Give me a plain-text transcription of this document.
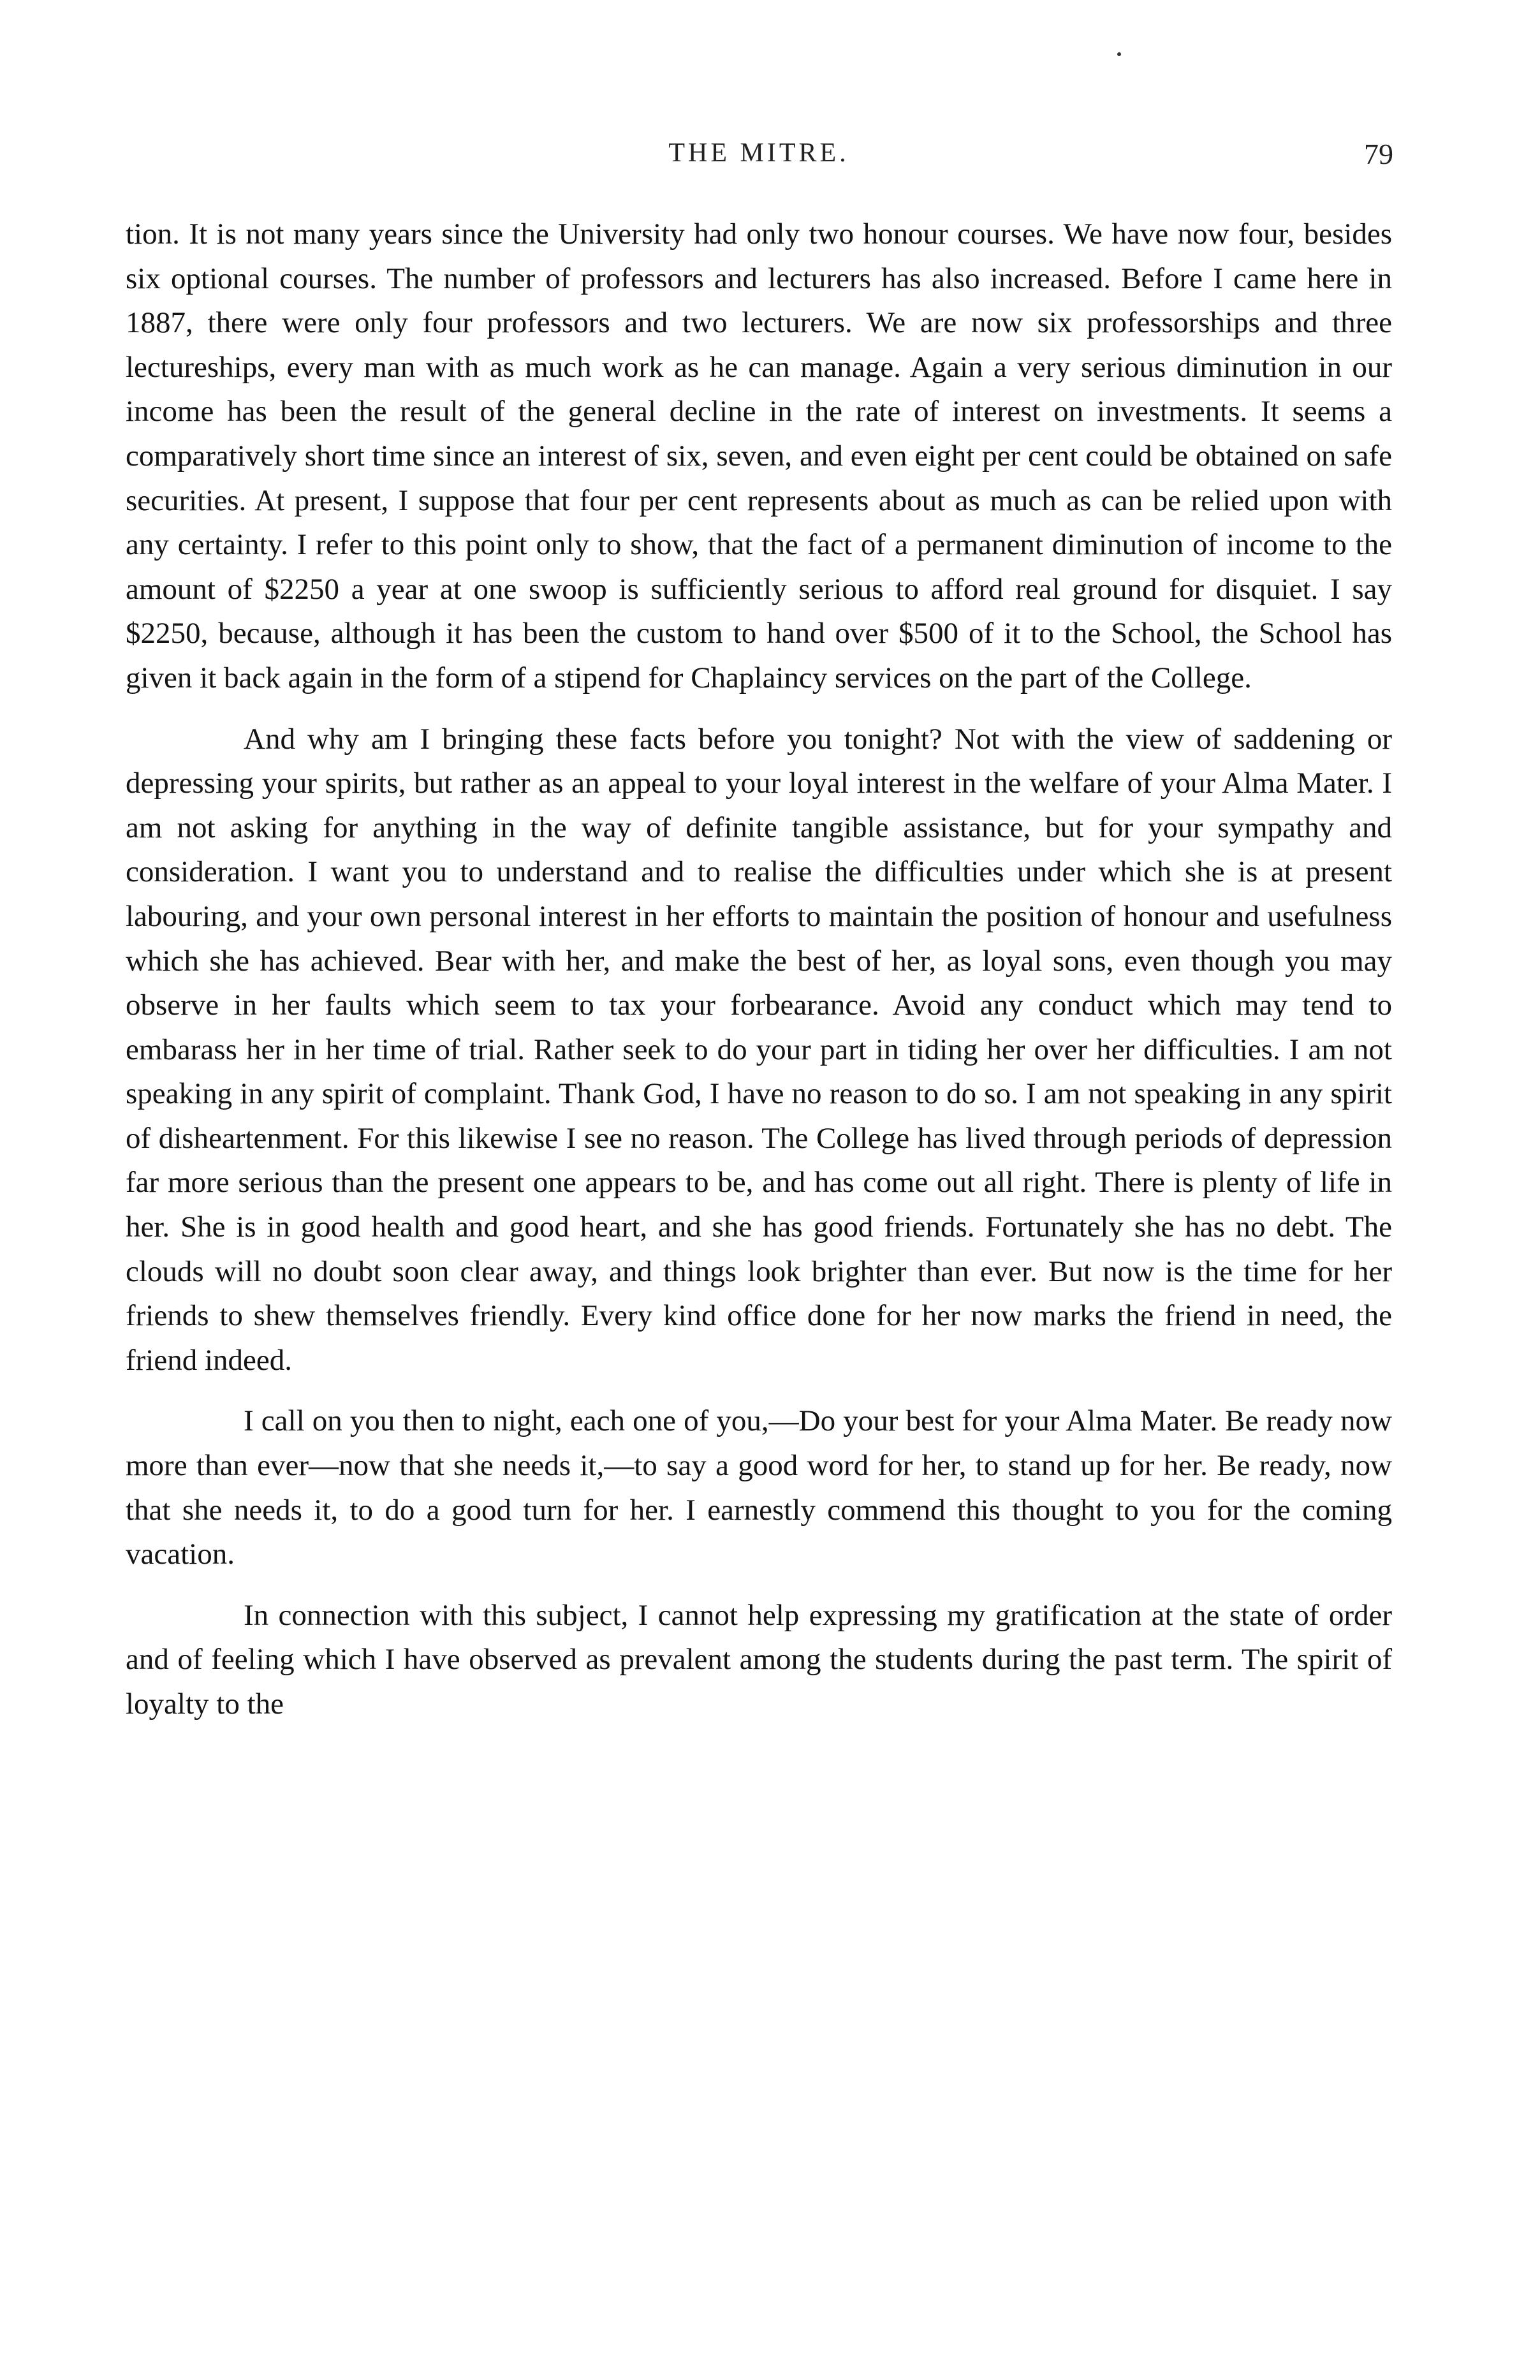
THE MITRE.	79

tion. It is not many years since the University had only two honour courses. We have now four, besides six optional courses. The number of professors and lecturers has also increased. Before I came here in 1887, there were only four professors and two lecturers. We are now six professorships and three lectureships, every man with as much work as he can manage. Again a very serious diminution in our income has been the result of the general decline in the rate of interest on investments. It seems a comparatively short time since an interest of six, seven, and even eight per cent could be obtained on safe securities. At present, I suppose that four per cent represents about as much as can be relied upon with any certainty. I refer to this point only to show, that the fact of a permanent diminution of income to the amount of $2250 a year at one swoop is sufficiently serious to afford real ground for disquiet. I say $2250, because, although it has been the custom to hand over $500 of it to the School, the School has given it back again in the form of a stipend for Chaplaincy services on the part of the College.

And why am I bringing these facts before you tonight? Not with the view of saddening or depressing your spirits, but rather as an appeal to your loyal interest in the welfare of your Alma Mater. I am not asking for anything in the way of definite tangible assistance, but for your sympathy and consideration. I want you to understand and to realise the difficulties under which she is at present labouring, and your own personal interest in her efforts to maintain the position of honour and usefulness which she has achieved. Bear with her, and make the best of her, as loyal sons, even though you may observe in her faults which seem to tax your forbearance. Avoid any conduct which may tend to embarass her in her time of trial. Rather seek to do your part in tiding her over her difficulties. I am not speaking in any spirit of complaint. Thank God, I have no reason to do so. I am not speaking in any spirit of disheartenment. For this likewise I see no reason. The College has lived through periods of depression far more serious than the present one appears to be, and has come out all right. There is plenty of life in her. She is in good health and good heart, and she has good friends. Fortunately she has no debt. The clouds will no doubt soon clear away, and things look brighter than ever. But now is the time for her friends to shew themselves friendly. Every kind office done for her now marks the friend in need, the friend indeed.

I call on you then to night, each one of you,—Do your best for your Alma Mater. Be ready now more than ever—now that she needs it,—to say a good word for her, to stand up for her. Be ready, now that she needs it, to do a good turn for her. I earnestly commend this thought to you for the coming vacation.

In connection with this subject, I cannot help expressing my gratification at the state of order and of feeling which I have observed as prevalent among the students during the past term. The spirit of loyalty to the
